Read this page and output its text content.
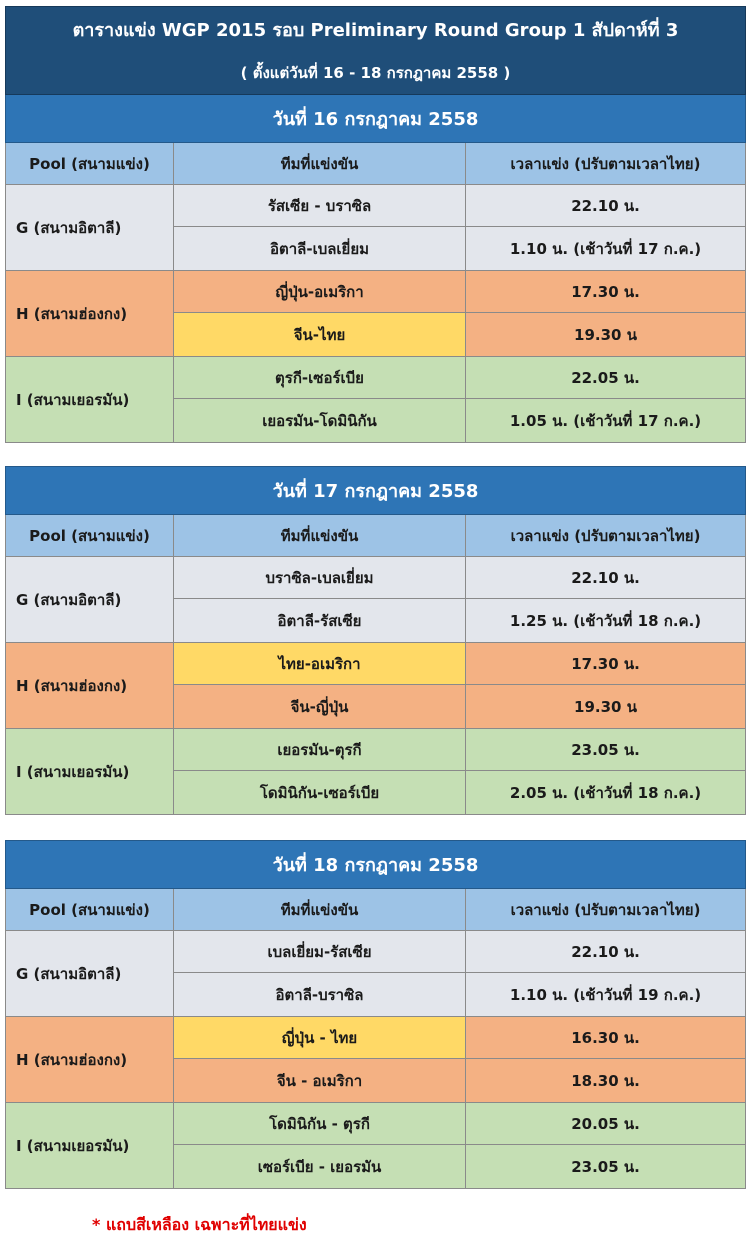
ตารางแข่ง WGP 2015 รอบ Preliminary Round Group 1 สัปดาห์ที่ 3		
( ตั้งแต่วันที่ 16 - 18 กรกฎาคม 2558 )		
วันที่ 16 กรกฎาคม 2558		
Pool (สนามแข่ง)	ทีมที่แข่งขัน	เวลาแข่ง (ปรับตามเวลาไทย)
G (สนามอิตาลี)	รัสเซีย - บราซิล	22.10 น.
	อิตาลี-เบลเยี่ยม	1.10 น. (เช้าวันที่ 17 ก.ค.)
H (สนามฮ่องกง)	ญี่ปุ่น-อเมริกา	17.30 น.
	จีน-ไทย	19.30 น
I (สนามเยอรมัน)	ตุรกี-เซอร์เบีย	22.05 น.
	เยอรมัน-โดมินิกัน	1.05 น. (เช้าวันที่ 17 ก.ค.)
วันที่ 17 กรกฎาคม 2558		
Pool (สนามแข่ง)	ทีมที่แข่งขัน	เวลาแข่ง (ปรับตามเวลาไทย)
G (สนามอิตาลี)	บราซิล-เบลเยี่ยม	22.10 น.
	อิตาลี-รัสเซีย	1.25 น. (เช้าวันที่ 18 ก.ค.)
H (สนามฮ่องกง)	ไทย-อเมริกา	17.30 น.
	จีน-ญี่ปุ่น	19.30 น
I (สนามเยอรมัน)	เยอรมัน-ตุรกี	23.05 น.
	โดมินิกัน-เซอร์เบีย	2.05 น. (เช้าวันที่ 18 ก.ค.)
วันที่ 18 กรกฎาคม 2558		
Pool (สนามแข่ง)	ทีมที่แข่งขัน	เวลาแข่ง (ปรับตามเวลาไทย)
G (สนามอิตาลี)	เบลเยี่ยม-รัสเซีย	22.10 น.
	อิตาลี-บราซิล	1.10 น. (เช้าวันที่ 19 ก.ค.)
H (สนามฮ่องกง)	ญี่ปุ่น - ไทย	16.30 น.
	จีน - อเมริกา	18.30 น.
I (สนามเยอรมัน)	โดมินิกัน - ตุรกี	20.05 น.
	เซอร์เบีย - เยอรมัน	23.05 น.
* แถบสีเหลือง เฉพาะที่ไทยแข่ง
